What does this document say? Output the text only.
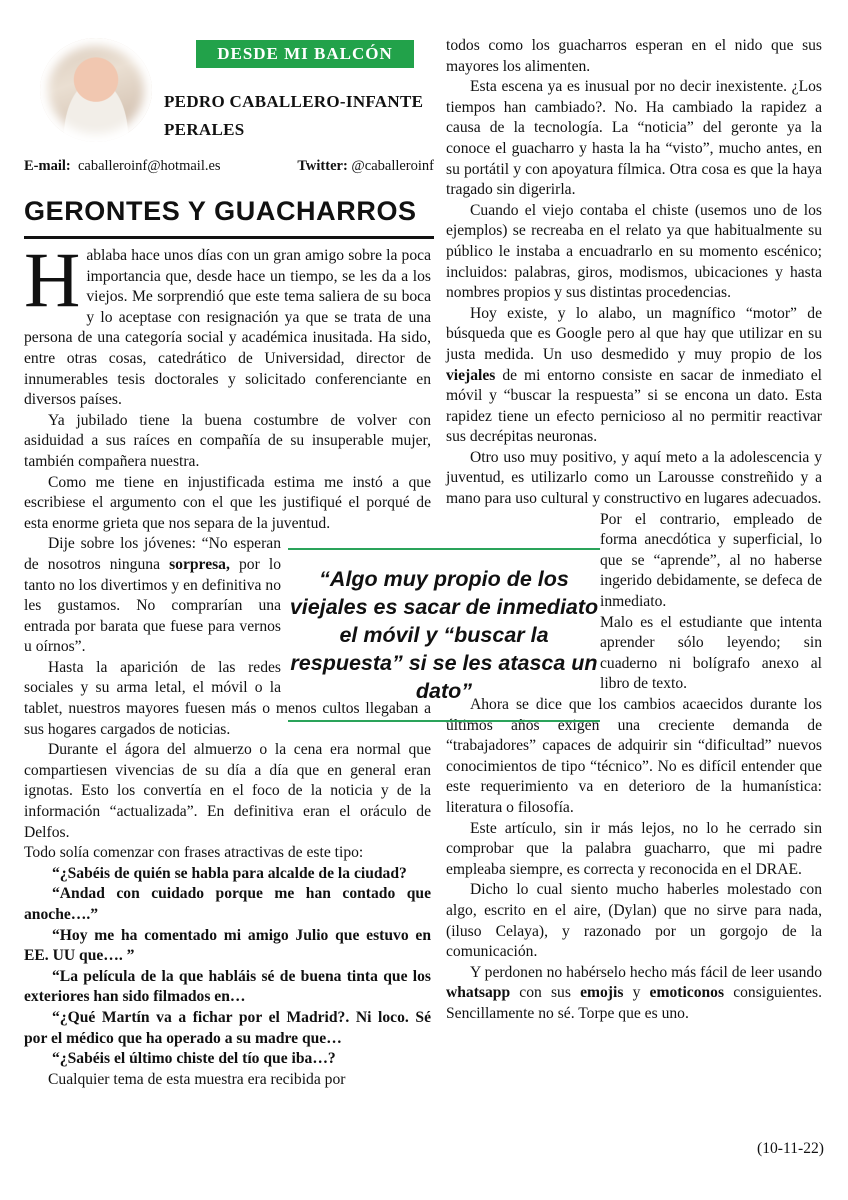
DESDE MI BALCÓN
PEDRO CABALLERO-INFANTE
PERALES
E-mail: caballeroinf@hotmail.es	Twitter: @caballeroinf
GERONTES Y GUACHARROS

Hablaba hace unos días con un gran amigo sobre la poca importancia que, desde hace un tiempo, se les da a los viejos. Me sorprendió que este tema saliera de su boca y lo aceptase con resignación ya que se trata de una persona de una categoría social y académica inusitada. Ha sido, entre otras cosas, catedrático de Universidad, director de innumerables tesis doctorales y solicitado conferenciante en diversos países.

Ya jubilado tiene la buena costumbre de volver con asiduidad a sus raíces en compañía de su insuperable mujer, también compañera nuestra.

Como me tiene en injustificada estima me instó a que escribiese el argumento con el que les justifiqué el porqué de esta enorme grieta que nos separa de la juventud.

Dije sobre los jóvenes: “No esperan de nosotros ninguna sorpresa, por lo tanto no los divertimos y en definitiva no les gustamos. No comprarían una entrada por barata que fuese para vernos u oírnos”.

Hasta la aparición de las redes sociales y su arma letal, el móvil o la tablet, nuestros mayores fuesen más o menos cultos llegaban a sus hogares cargados de noticias.

Durante el ágora del almuerzo o la cena era normal que compartiesen vivencias de su día a día que en general eran ignotas. Esto los convertía en el foco de la noticia y de la información “actualizada”. En definitiva eran el oráculo de Delfos.

Todo solía comenzar con frases atractivas de este tipo:

“¿Sabéis de quién se habla para alcalde de la ciudad?

“Andad con cuidado porque me han contado que anoche….”

“Hoy me ha comentado mi amigo Julio que estuvo en EE. UU que…. ”

“La película de la que habláis sé de buena tinta que los exteriores han sido filmados en…

“¿Qué Martín va a fichar por el Madrid?. Ni loco. Sé por el médico que ha operado a su madre que…

“¿Sabéis el último chiste del tío que iba…?

Cualquier tema de esta muestra era recibida por

todos como los guacharros esperan en el nido que sus mayores los alimenten.

Esta escena ya es inusual por no decir inexistente. ¿Los tiempos han cambiado?. No. Ha cambiado la rapidez a causa de la tecnología. La “noticia” del geronte ya la conoce el guacharro y hasta la ha “visto”, mucho antes, en su portátil y con apoyatura fílmica. Otra cosa es que la haya tragado sin digerirla.

Cuando el viejo contaba el chiste (usemos uno de los ejemplos) se recreaba en el relato ya que habitualmente su público le instaba a encuadrarlo en su momento escénico; incluidos: palabras, giros, modismos, ubicaciones y hasta nombres propios y sus distintas procedencias.

Hoy existe, y lo alabo, un magnífico “motor” de búsqueda que es Google pero al que hay que utilizar en su justa medida. Un uso desmedido y muy propio de los viejales de mi entorno consiste en sacar de inmediato el móvil y “buscar la respuesta” si se encona un dato. Esta rapidez tiene un efecto pernicioso al no permitir reactivar sus decrépitas neuronas.

Otro uso muy positivo, y aquí meto a la adolescencia y juventud, es utilizarlo como un Larousse constreñido y a mano para uso cultural y constructivo en lugares adecuados.

Por el contrario, empleado de forma anecdótica y superficial, lo que se “aprende”, al no haberse ingerido debidamente, se defeca de inmediato.

Malo es el estudiante que intenta aprender sólo leyendo; sin cuaderno ni bolígrafo anexo al libro de texto.

Ahora se dice que los cambios acaecidos durante los últimos años exigen una creciente demanda de “trabajadores” capaces de adquirir sin “dificultad” nuevos conocimientos de tipo “técnico”. No es difícil entender que este requerimiento va en deterioro de la humanística: literatura o filosofía.

Este artículo, sin ir más lejos, no lo he cerrado sin comprobar que la palabra guacharro, que mi padre empleaba siempre, es correcta y reconocida en el DRAE.

Dicho lo cual siento mucho haberles molestado con algo, escrito en el aire, (Dylan) que no sirve para nada, (iluso Celaya), y razonado por un gorgojo de la comunicación.

Y perdonen no habérselo hecho más fácil de leer usando whatsapp con sus emojis y emoticonos consiguientes. Sencillamente no sé. Torpe que es uno.

“Algo muy propio de los viejales es sacar de inmediato el móvil y “buscar la respuesta” si se les atasca un dato”
(10-11-22)
